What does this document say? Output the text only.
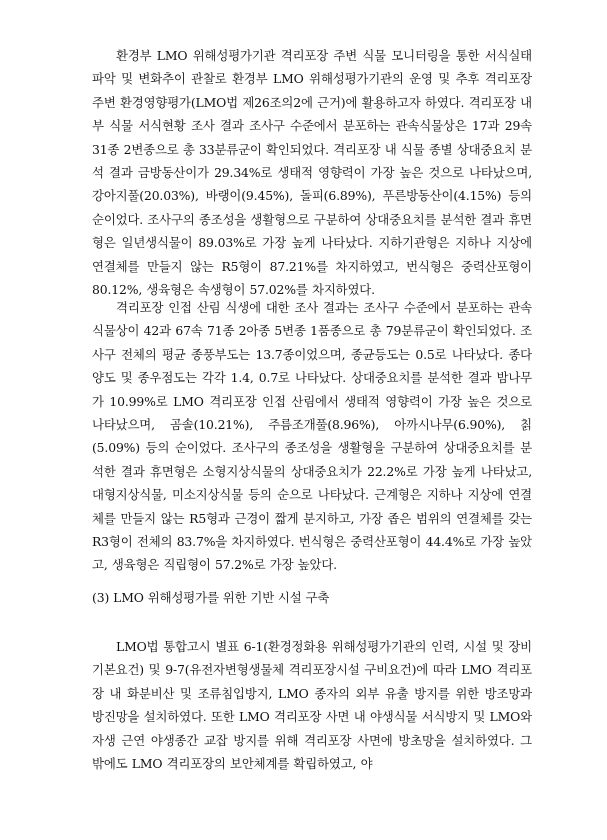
환경부 LMO 위해성평가기관 격리포장 주변 식물 모니터링을 통한 서식실태 파악 및 변화추이 관찰로 환경부 LMO 위해성평가기관의 운영 및 추후 격리포장 주변 환경영향평가(LMO법 제26조의2에 근거)에 활용하고자 하였다. 격리포장 내부 식물 서식현황 조사 결과 조사구 수준에서 분포하는 관속식물상은 17과 29속 31종 2변종으로 총 33분류군이 확인되었다. 격리포장 내 식물 종별 상대중요치 분석 결과 금방동산이가 29.34%로 생태적 영향력이 가장 높은 것으로 나타났으며, 강아지풀(20.03%), 바랭이(9.45%), 돌피(6.89%), 푸른방동산이(4.15%) 등의 순이었다. 조사구의 종조성을 생활형으로 구분하여 상대중요치를 분석한 결과 휴면형은 일년생식물이 89.03%로 가장 높게 나타났다. 지하기관형은 지하나 지상에 연결체를 만들지 않는 R5형이 87.21%를 차지하였고, 번식형은 중력산포형이 80.12%, 생육형은 속생형이 57.02%를 차지하였다.

격리포장 인접 산림 식생에 대한 조사 결과는 조사구 수준에서 분포하는 관속식물상이 42과 67속 71종 2아종 5변종 1품종으로 총 79분류군이 확인되었다. 조사구 전체의 평균 종풍부도는 13.7종이었으며, 종균등도는 0.5로 나타났다. 종다양도 및 종우점도는 각각 1.4, 0.7로 나타났다. 상대중요치를 분석한 결과 밤나무가 10.99%로 LMO 격리포장 인접 산림에서 생태적 영향력이 가장 높은 것으로 나타났으며, 곰솔(10.21%), 주름조개풀(8.96%), 아까시나무(6.90%), 칡(5.09%) 등의 순이었다. 조사구의 종조성을 생활형을 구분하여 상대중요치를 분석한 결과 휴면형은 소형지상식물의 상대중요치가 22.2%로 가장 높게 나타났고, 대형지상식물, 미소지상식물 등의 순으로 나타났다. 근계형은 지하나 지상에 연결체를 만들지 않는 R5형과 근경이 짧게 분지하고, 가장 좁은 범위의 연결체를 갖는 R3형이 전체의 83.7%을 차지하였다. 번식형은 중력산포형이 44.4%로 가장 높았고, 생육형은 직립형이 57.2%로 가장 높았다.

(3) LMO 위해성평가를 위한 기반 시설 구축

LMO법 통합고시 별표 6-1(환경정화용 위해성평가기관의 인력, 시설 및 장비 기본요건) 및 9-7(유전자변형생물체 격리포장시설 구비요건)에 따라 LMO 격리포장 내 화분비산 및 조류침입방지, LMO 종자의 외부 유출 방지를 위한 방조망과 방진망을 설치하였다. 또한 LMO 격리포장 사면 내 야생식물 서식방지 및 LMO와 자생 근연 야생종간 교잡 방지를 위해 격리포장 사면에 방초망을 설치하였다. 그 밖에도 LMO 격리포장의 보안체계를 확립하였고, 야
